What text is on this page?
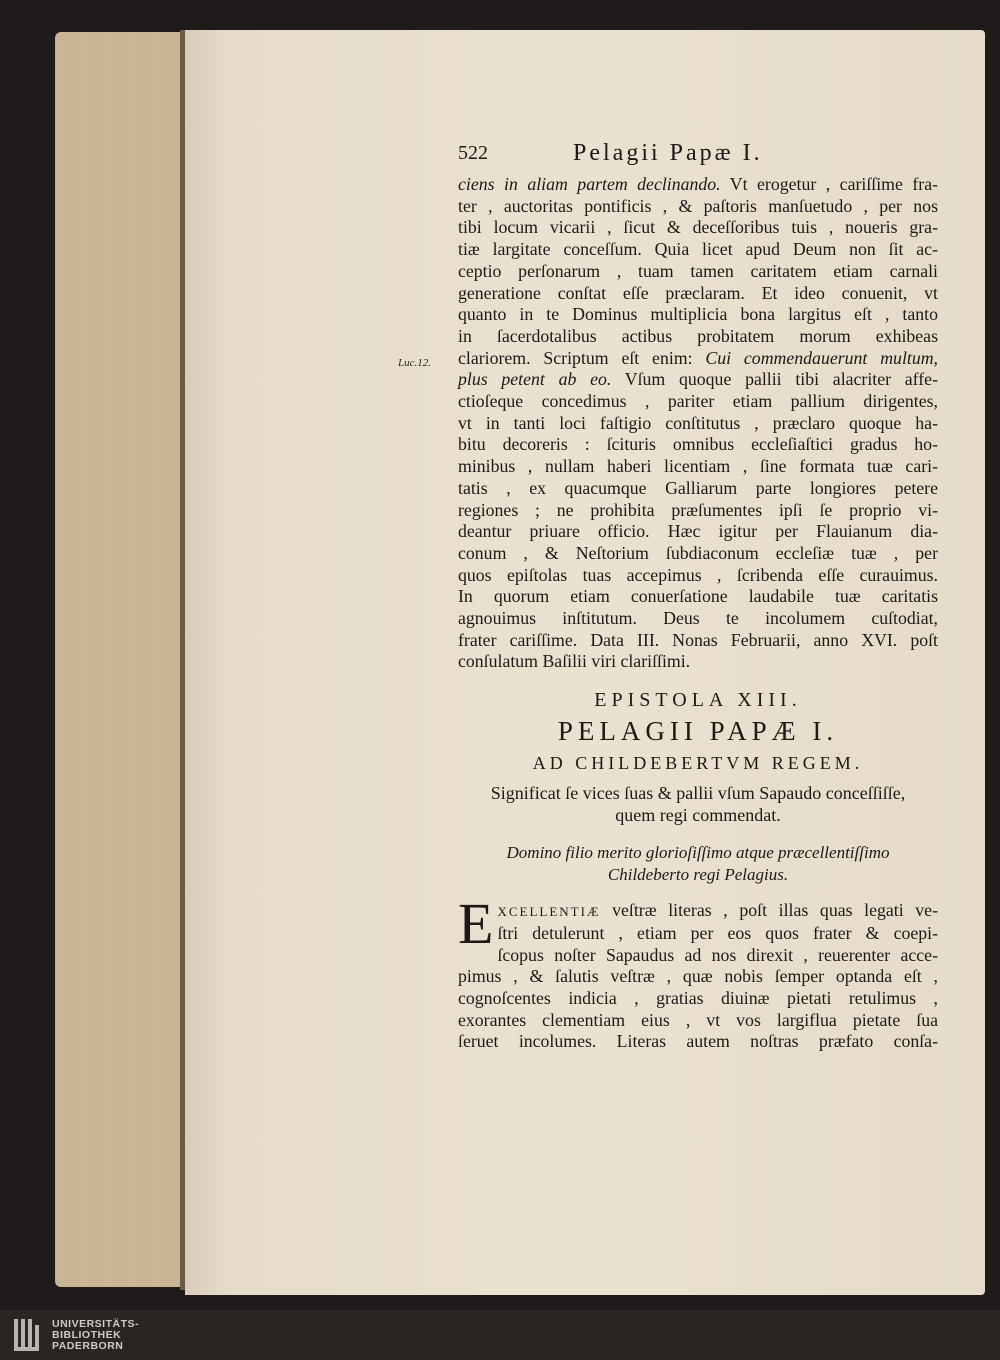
Luc.12.
522	Pelagii Papæ I.
ciens in aliam partem declinando. Vt erogetur , cariſſime fra-
ter , auctoritas pontificis , & paſtoris manſuetudo , per nos
tibi locum vicarii , ſicut & deceſſoribus tuis , noueris gra-
tiæ largitate conceſſum. Quia licet apud Deum non ſit ac-
ceptio perſonarum , tuam tamen caritatem etiam carnali
generatione conſtat eſſe præclaram. Et ideo conuenit, vt
quanto in te Dominus multiplicia bona largitus eſt , tanto
in ſacerdotalibus actibus probitatem morum exhibeas
clariorem. Scriptum eſt enim: Cui commendauerunt multum,
plus petent ab eo. Vſum quoque pallii tibi alacriter affe-
ctioſeque concedimus , pariter etiam pallium dirigentes,
vt in tanti loci faſtigio conſtitutus , præclaro quoque ha-
bitu decoreris : ſcituris omnibus eccleſiaſtici gradus ho-
minibus , nullam haberi licentiam , ſine formata tuæ cari-
tatis , ex quacumque Galliarum parte longiores petere
regiones ; ne prohibita præſumentes ipſi ſe proprio vi-
deantur priuare officio. Hæc igitur per Flauianum dia-
conum , & Neſtorium ſubdiaconum eccleſiæ tuæ , per
quos epiſtolas tuas accepimus , ſcribenda eſſe curauimus.
In quorum etiam conuerſatione laudabile tuæ caritatis
agnouimus inſtitutum. Deus te incolumem cuſtodiat,
frater cariſſime. Data III. Nonas Februarii, anno XVI. poſt
conſulatum Baſilii viri clariſſimi.
EPISTOLA XIII.
PELAGII PAPÆ I.
AD CHILDEBERTVM REGEM.
Significat ſe vices ſuas & pallii vſum Sapaudo conceſſiſſe,
quem regi commendat.
Domino filio merito glorioſiſſimo atque præcellentiſſimo
Childeberto regi Pelagius.
E XCELLENTIÆ veſtræ literas , poſt illas quas legati ve-
ſtri detulerunt , etiam per eos quos frater & coepi-
ſcopus noſter Sapaudus ad nos direxit , reuerenter acce-
pimus , & ſalutis veſtræ , quæ nobis ſemper optanda eſt ,
cognoſcentes indicia , gratias diuinæ pietati retulimus ,
exorantes clementiam eius , vt vos largiflua pietate ſua
ſeruet incolumes. Literas autem noſtras præfato conſa-
UNIVERSITÄTS-
BIBLIOTHEK
PADERBORN
